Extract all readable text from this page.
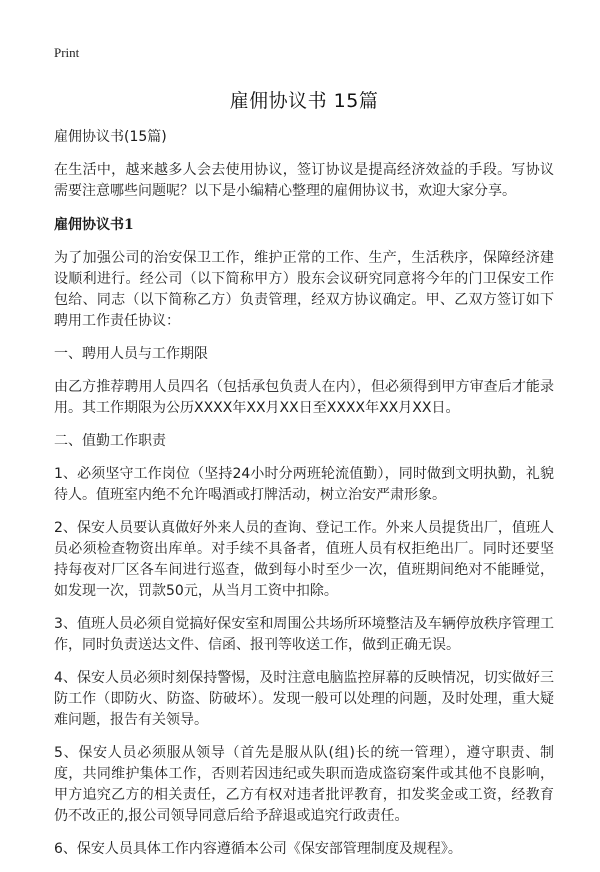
Print
雇佣协议书 15篇
雇佣协议书(15篇)

在生活中，越来越多人会去使用协议，签订协议是提高经济效益的手段。写协议需要注意哪些问题呢？以下是小编精心整理的雇佣协议书，欢迎大家分享。

雇佣协议书1

为了加强公司的治安保卫工作，维护正常的工作、生产，生活秩序，保障经济建设顺利进行。经公司（以下简称甲方）股东会议研究同意将今年的门卫保安工作包给、同志（以下简称乙方）负责管理，经双方协议确定。甲、乙双方签订如下聘用工作责任协议：

一、聘用人员与工作期限

由乙方推荐聘用人员四名（包括承包负责人在内），但必须得到甲方审查后才能录用。其工作期限为公历XXXX年XX月XX日至XXXX年XX月XX日。

二、值勤工作职责

1、必须坚守工作岗位（坚持24小时分两班轮流值勤），同时做到文明执勤，礼貌待人。值班室内绝不允许喝酒或打牌活动，树立治安严肃形象。

2、保安人员要认真做好外来人员的查询、登记工作。外来人员提货出厂，值班人员必须检查物资出库单。对手续不具备者，值班人员有权拒绝出厂。同时还要坚持每夜对厂区各车间进行巡查，做到每小时至少一次，值班期间绝对不能睡觉，如发现一次，罚款50元，从当月工资中扣除。

3、值班人员必须自觉搞好保安室和周围公共场所环境整洁及车辆停放秩序管理工作，同时负责送达文件、信函、报刊等收送工作，做到正确无误。

4、保安人员必须时刻保持警惕，及时注意电脑监控屏幕的反映情况，切实做好三防工作（即防火、防盗、防破坏）。发现一般可以处理的问题，及时处理，重大疑难问题，报告有关领导。

5、保安人员必须服从领导（首先是服从队(组)长的统一管理），遵守职责、制度，共同维护集体工作，否则若因违纪或失职而造成盗窃案件或其他不良影响，甲方追究乙方的相关责任，乙方有权对违者批评教育，扣发奖金或工资，经教育仍不改正的,报公司领导同意后给予辞退或追究行政责任。

6、保安人员具体工作内容遵循本公司《保安部管理制度及规程》。
